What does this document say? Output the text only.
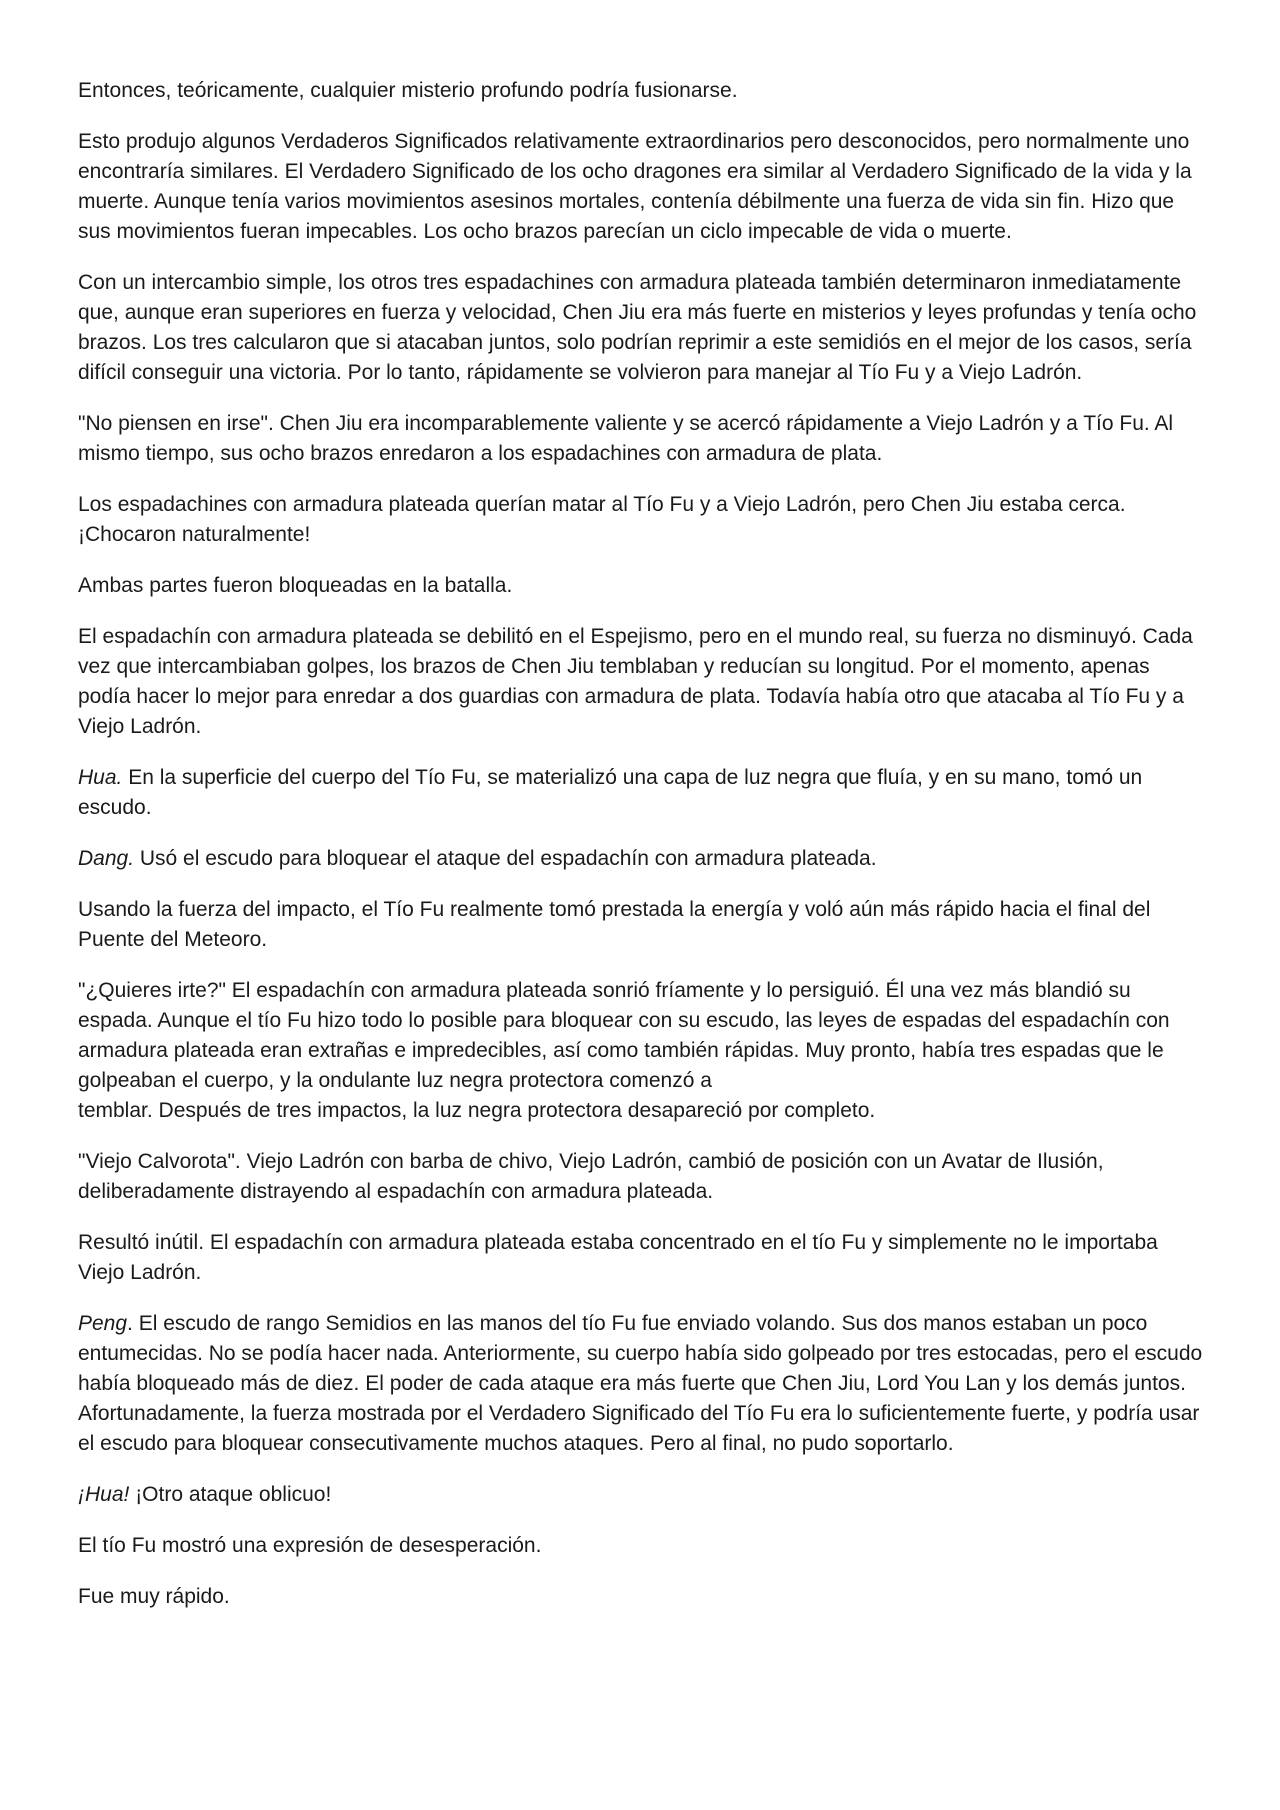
Entonces, teóricamente, cualquier misterio profundo podría fusionarse.

Esto produjo algunos Verdaderos Significados relativamente extraordinarios pero desconocidos, pero normalmente uno encontraría similares. El Verdadero Significado de los ocho dragones era similar al Verdadero Significado de la vida y la muerte. Aunque tenía varios movimientos asesinos mortales, contenía débilmente una fuerza de vida sin fin. Hizo que sus movimientos fueran impecables. Los ocho brazos parecían un ciclo impecable de vida o muerte.

Con un intercambio simple, los otros tres espadachines con armadura plateada también determinaron inmediatamente que, aunque eran superiores en fuerza y velocidad, Chen Jiu era más fuerte en misterios y leyes profundas y tenía ocho brazos. Los tres calcularon que si atacaban juntos, solo podrían reprimir a este semidiós en el mejor de los casos, sería difícil conseguir una victoria. Por lo tanto, rápidamente se volvieron para manejar al Tío Fu y a Viejo Ladrón.

"No piensen en irse". Chen Jiu era incomparablemente valiente y se acercó rápidamente a Viejo Ladrón y a Tío Fu. Al mismo tiempo, sus ocho brazos enredaron a los espadachines con armadura de plata.

Los espadachines con armadura plateada querían matar al Tío Fu y a Viejo Ladrón, pero Chen Jiu estaba cerca. ¡Chocaron naturalmente!

Ambas partes fueron bloqueadas en la batalla.

El espadachín con armadura plateada se debilitó en el Espejismo, pero en el mundo real, su fuerza no disminuyó. Cada vez que intercambiaban golpes, los brazos de Chen Jiu temblaban y reducían su longitud. Por el momento, apenas podía hacer lo mejor para enredar a dos guardias con armadura de plata. Todavía había otro que atacaba al Tío Fu y a Viejo Ladrón.

Hua. En la superficie del cuerpo del Tío Fu, se materializó una capa de luz negra que fluía, y en su mano, tomó un escudo.

Dang. Usó el escudo para bloquear el ataque del espadachín con armadura plateada.

Usando la fuerza del impacto, el Tío Fu realmente tomó prestada la energía y voló aún más rápido hacia el final del Puente del Meteoro.

"¿Quieres irte?" El espadachín con armadura plateada sonrió fríamente y lo persiguió. Él una vez más blandió su espada. Aunque el tío Fu hizo todo lo posible para bloquear con su escudo, las leyes de espadas del espadachín con armadura plateada eran extrañas e impredecibles, así como también rápidas. Muy pronto, había tres espadas que le golpeaban el cuerpo, y la ondulante luz negra protectora comenzó a
temblar. Después de tres impactos, la luz negra protectora desapareció por completo.

"Viejo Calvorota". Viejo Ladrón con barba de chivo, Viejo Ladrón, cambió de posición con un Avatar de Ilusión, deliberadamente distrayendo al espadachín con armadura plateada.

Resultó inútil. El espadachín con armadura plateada estaba concentrado en el tío Fu y simplemente no le importaba Viejo Ladrón.

Peng. El escudo de rango Semidios en las manos del tío Fu fue enviado volando. Sus dos manos estaban un poco entumecidas. No se podía hacer nada. Anteriormente, su cuerpo había sido golpeado por tres estocadas, pero el escudo había bloqueado más de diez. El poder de cada ataque era más fuerte que Chen Jiu, Lord You Lan y los demás juntos. Afortunadamente, la fuerza mostrada por el Verdadero Significado del Tío Fu era lo suficientemente fuerte, y podría usar el escudo para bloquear consecutivamente muchos ataques. Pero al final, no pudo soportarlo.

¡Hua! ¡Otro ataque oblicuo!

El tío Fu mostró una expresión de desesperación.

Fue muy rápido.
